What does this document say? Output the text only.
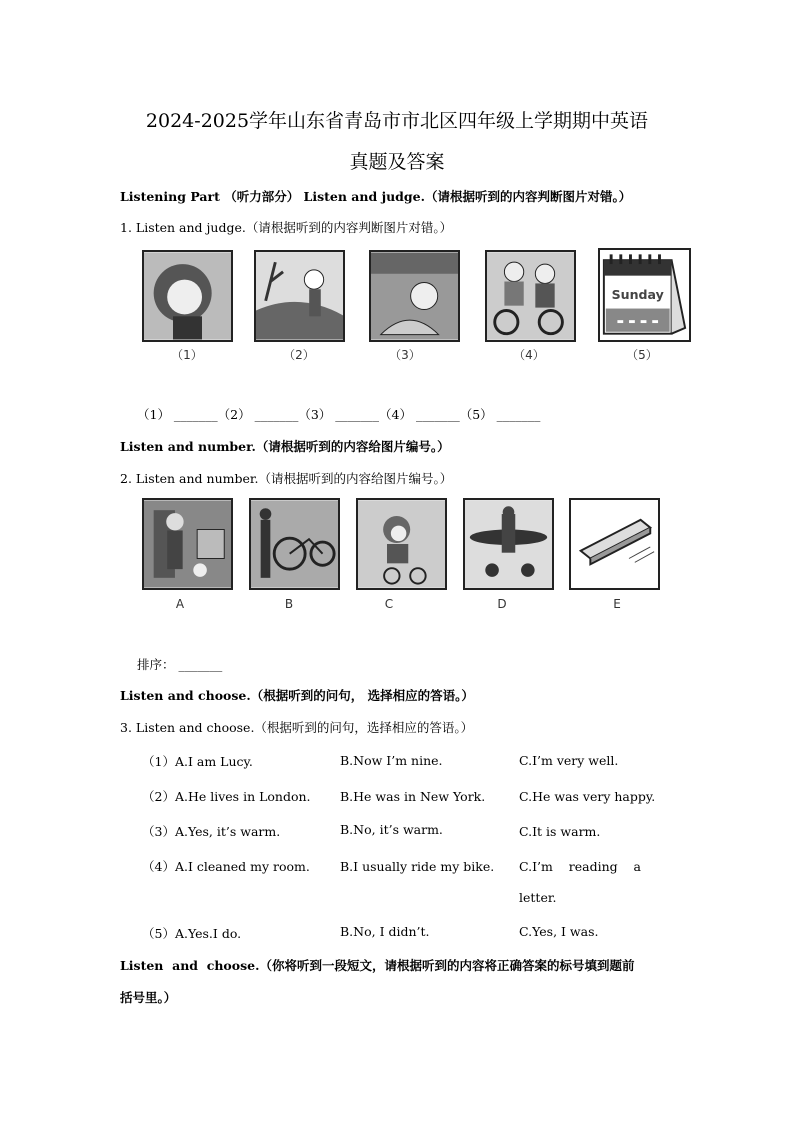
2024-2025学年山东省青岛市市北区四年级上学期期中英语
真题及答案
Listening Part （听力部分） Listen and judge.（请根据听到的内容判断图片对错。）
1. Listen and judge.（请根据听到的内容判断图片对错。）
Sunday
（1）	（2）	（3）	（4）	（5）
（1） _______（2） _______（3） _______（4） _______（5） _______
Listen and number.（请根据听到的内容给图片编号。）
2. Listen and number.（请根据听到的内容给图片编号。）
A	B	C	D	E
排序： _______
Listen and choose.（根据听到的问句， 选择相应的答语。）
3. Listen and choose.（根据听到的问句，选择相应的答语。）
（1）A.I am Lucy.	B.Now I’m nine.	C.I’m very well.
（2）A.He lives in London. B.He was in New York.	C.He was very happy.
（3）A.Yes, it’s warm.	B.No, it’s warm.	C.It is warm.
（4）A.I cleaned my room. B.I usually ride my bike. C.I’m    reading    a
letter.
（5）A.Yes.I do.	B.No, I didn’t.	C.Yes, I was.
Listen  and  choose.（你将听到一段短文，请根据听到的内容将正确答案的标号填到题前
括号里。）
